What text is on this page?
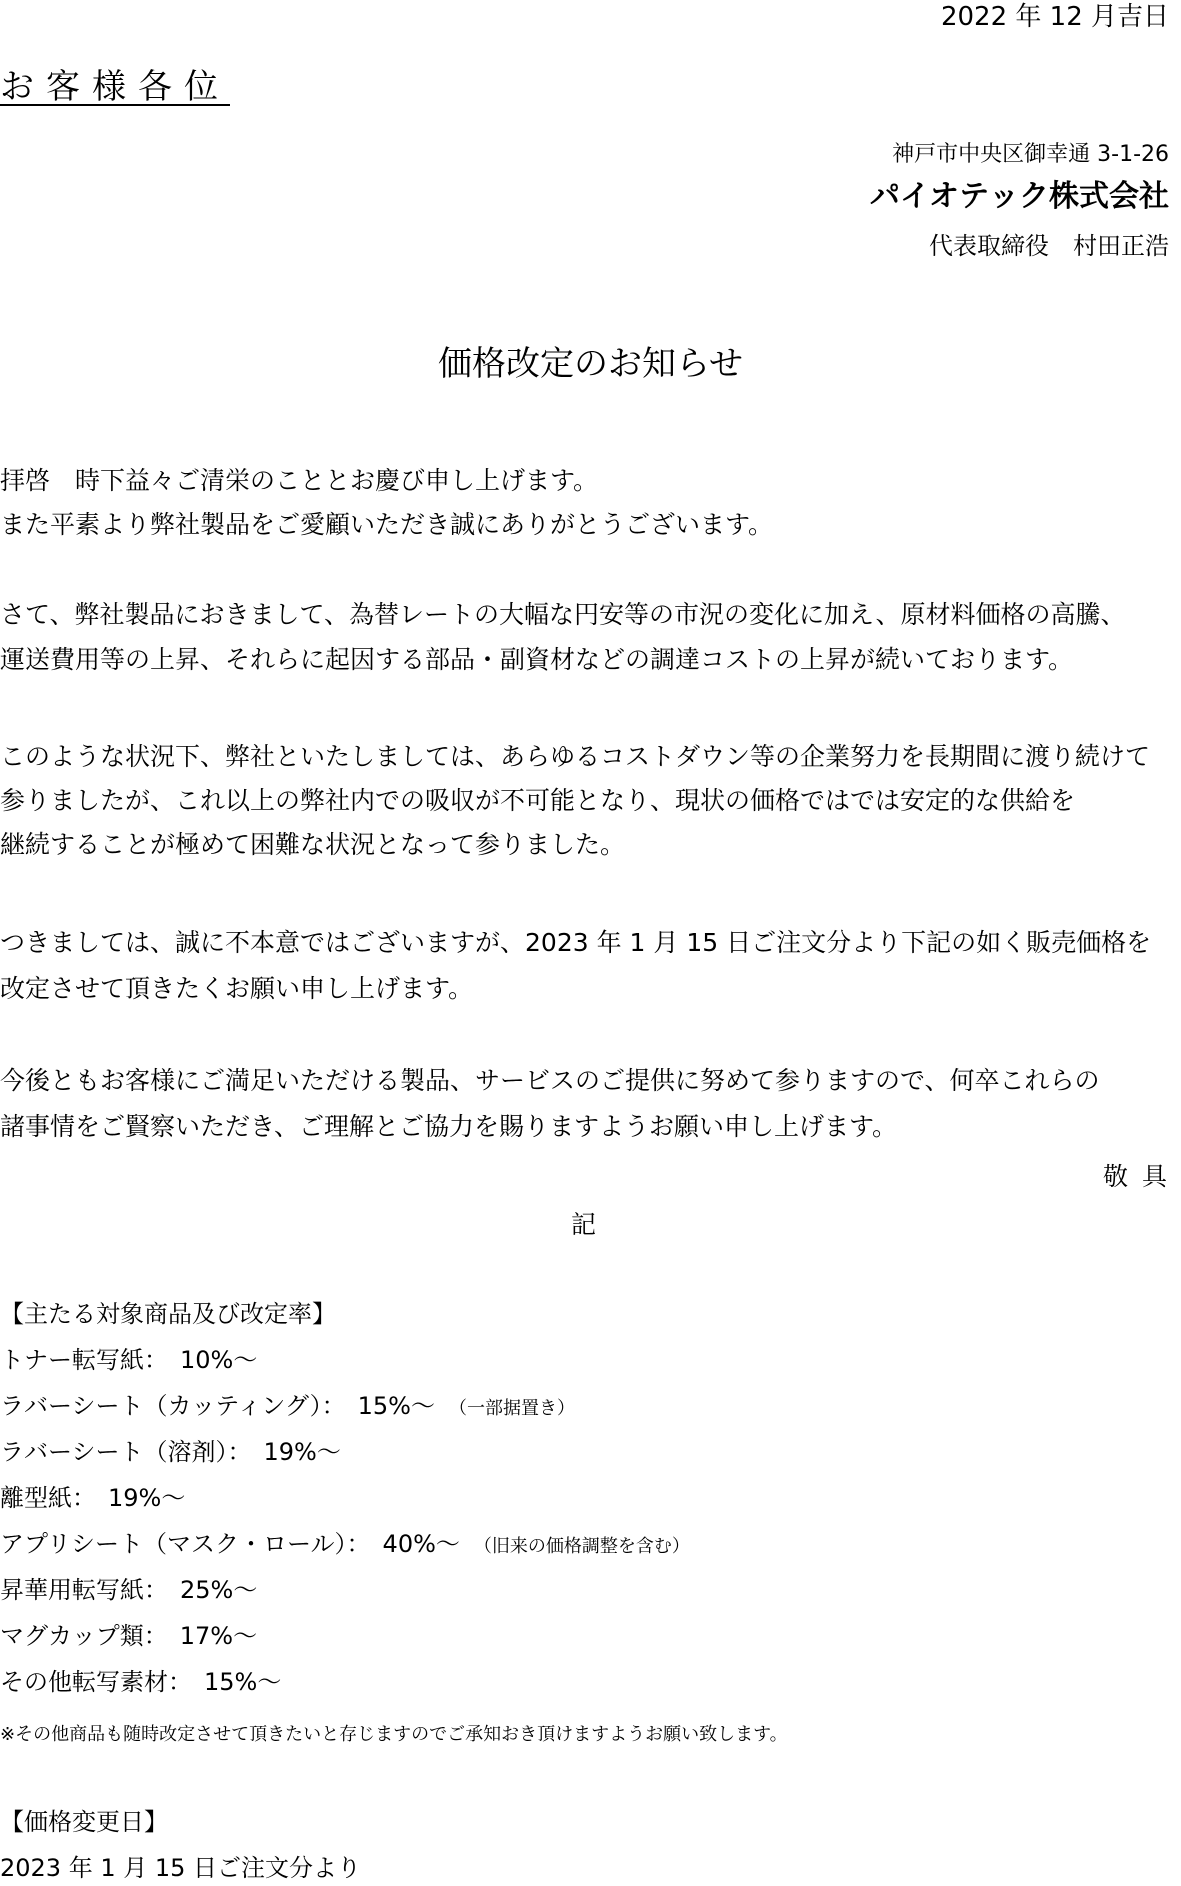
2022 年 12 月吉日
お客様各位
神戸市中央区御幸通 3-1-26
パイオテック株式会社
代表取締役　村田正浩
価格改定のお知らせ
拝啓　時下益々ご清栄のこととお慶び申し上げます。
また平素より弊社製品をご愛顧いただき誠にありがとうございます。
さて、弊社製品におきまして、為替レートの大幅な円安等の市況の変化に加え、原材料価格の高騰、
運送費用等の上昇、それらに起因する部品・副資材などの調達コストの上昇が続いております。
このような状況下、弊社といたしましては、あらゆるコストダウン等の企業努力を長期間に渡り続けて
参りましたが、これ以上の弊社内での吸収が不可能となり、現状の価格ではでは安定的な供給を
継続することが極めて困難な状況となって参りました。
つきましては、誠に不本意ではございますが、2023 年 1 月 15 日ご注文分より下記の如く販売価格を
改定させて頂きたくお願い申し上げます。
今後ともお客様にご満足いただける製品、サービスのご提供に努めて参りますので、何卒これらの
諸事情をご賢察いただき、ご理解とご協力を賜りますようお願い申し上げます。
敬具
記
【主たる対象商品及び改定率】
トナー転写紙：　10%～
ラバーシート（カッティング）：　15%～ （一部据置き）
ラバーシート（溶剤）：　19%～
離型紙：　19%～
アプリシート（マスク・ロール）：　40%～ （旧来の価格調整を含む）
昇華用転写紙：　25%～
マグカップ類：　17%～
その他転写素材：　15%～
※その他商品も随時改定させて頂きたいと存じますのでご承知おき頂けますようお願い致します。
【価格変更日】
2023 年 1 月 15 日ご注文分より
